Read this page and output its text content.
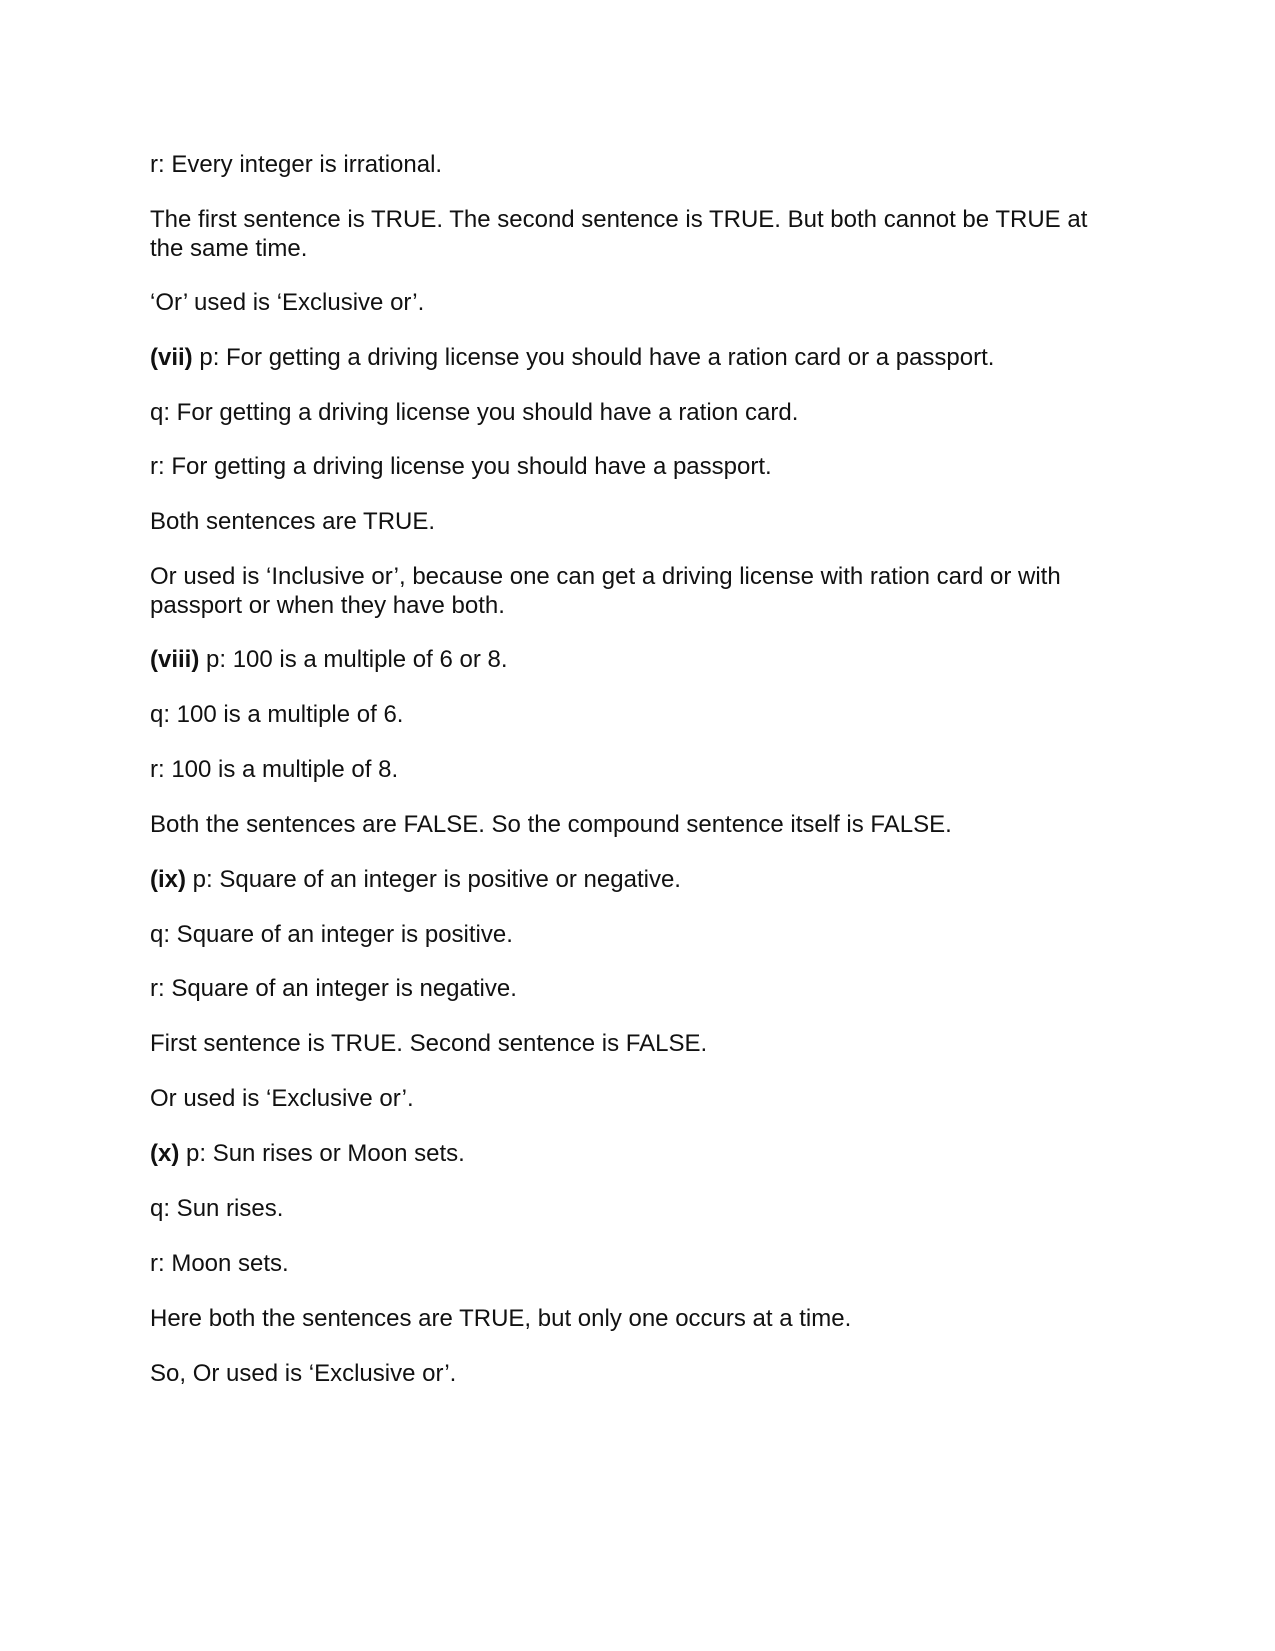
r: Every integer is irrational.

The first sentence is TRUE. The second sentence is TRUE. But both cannot be TRUE at the same time.

‘Or’ used is ‘Exclusive or’.

(vii) p: For getting a driving license you should have a ration card or a passport.

q: For getting a driving license you should have a ration card.

r: For getting a driving license you should have a passport.

Both sentences are TRUE.

Or used is ‘Inclusive or’, because one can get a driving license with ration card or with passport or when they have both.

(viii) p: 100 is a multiple of 6 or 8.

q: 100 is a multiple of 6.

r: 100 is a multiple of 8.

Both the sentences are FALSE. So the compound sentence itself is FALSE.

(ix) p: Square of an integer is positive or negative.

q: Square of an integer is positive.

r: Square of an integer is negative.

First sentence is TRUE. Second sentence is FALSE.

Or used is ‘Exclusive or’.

(x) p: Sun rises or Moon sets.

q: Sun rises.

r: Moon sets.

Here both the sentences are TRUE, but only one occurs at a time.

So, Or used is ‘Exclusive or’.
